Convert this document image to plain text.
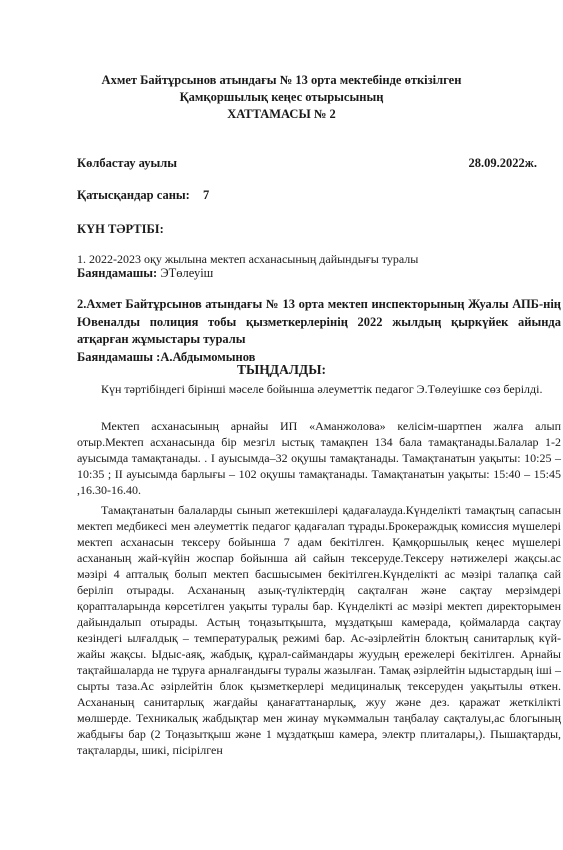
Ахмет Байтұрсынов атындағы № 13 орта мектебінде өткізілген
Қамқоршылық кеңес отырысының
ХАТТАМАСЫ № 2
Көлбастау ауылы	28.09.2022ж.
Қатысқандар саны: 7
КҮН ТӘРТІБІ:
1. 2022-2023 оқу жылына мектеп асханасының дайындығы туралы
Баяндамашы: ЭТөлеуіш
2.Ахмет Байтұрсынов атындағы № 13 орта мектеп инспекторының Жуалы АПБ-нің Ювеналды полиция тобы қызметкерлерінің 2022 жылдың қыркүйек айында атқарған жұмыстары туралы
Баяндамашы :А.Абдымомынов
ТЫҢДАЛДЫ:
Күн тәртібіндегі бірінші мәселе бойынша әлеуметтік педагог Э.Төлеуішке сөз берілді.
Мектеп асханасының арнайы ИП «Аманжолова» келісім-шартпен жалға алып отыр.Мектеп асханасында бір мезгіл ыстық тамақпен 134 бала тамақтанады.Балалар 1-2 ауысымда тамақтанады. . І ауысымда–32 оқушы тамақтанады. Тамақтанатын уақыты: 10:25 – 10:35 ; ІІ ауысымда барлығы – 102 оқушы тамақтанады. Тамақтанатын уақыты: 15:40 – 15:45 ,16.30-16.40.
Тамақтанатын балаларды сынып жетекшілері қадағалауда.Күнделікті тамақтың сапасын мектеп медбикесі мен әлеуметтік педагог қадағалап тұрады.Брокераждық комиссия мүшелері мектеп асханасын тексеру бойынша 7 адам бекітілген. Қамқоршылық кеңес мүшелері асхананың жай-күйін жоспар бойынша ай сайын тексеруде.Тексеру нәтижелері жақсы.ас мәзірі 4 апталық болып мектеп басшысымен бекітілген.Күнделікті ас мәзірі талапқа сай беріліп отырады. Асхананың азық-түліктердің сақталған және сақтау мерзімдері қорапталарында көрсетілген уақыты туралы бар. Күнделікті ас мәзірі мектеп директорымен дайындалып отырады. Астың тоңазытқышта, мұздатқыш камерада, қоймаларда сақтау кезіндегі ылғалдық – температуралық режимі бар. Ас-әзірлейтін блоктың санитарлық күй-жайы жақсы. Ыдыс-аяқ, жабдық, құрал-саймандары жуудың ережелері бекітілген. Арнайы тақтайшаларда не тұруға арналғандығы туралы жазылған. Тамақ әзірлейтін ыдыстардың іші –сырты таза.Ас әзірлейтін блок қызметкерлері медициналық тексеруден уақытылы өткен. Асхананың санитарлық жағдайы қанағаттанарлық, жуу және дез. қаражат жеткілікті мөлшерде. Техникалық жабдықтар мен жинау мүкәммалын таңбалау сақталуы,ас блогының жабдығы бар (2 Тоңазытқыш және 1 мұздатқыш камера, электр плиталары,). Пышақтарды, тақталарды, шикі, пісірілген
